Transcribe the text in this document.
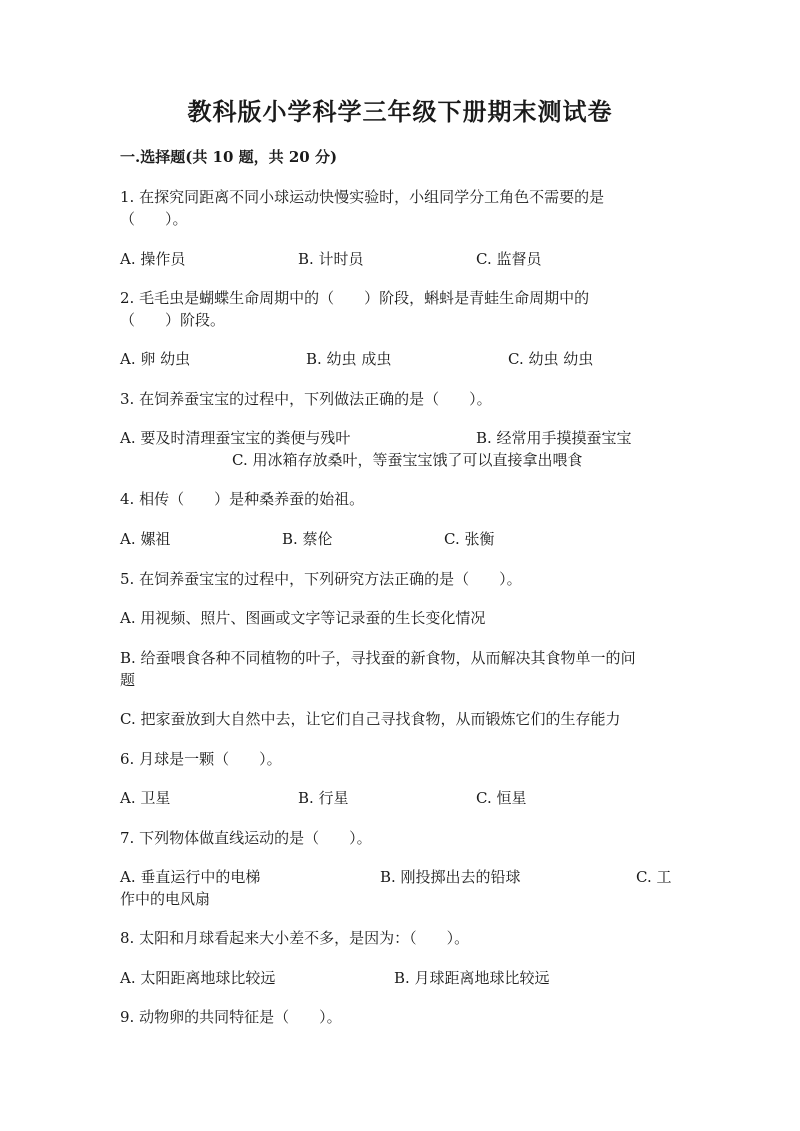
教科版小学科学三年级下册期末测试卷

一.选择题(共 10 题，共 20 分)

1. 在探究同距离不同小球运动快慢实验时，小组同学分工角色不需要的是

（　　）。

A. 操作员	B. 计时员	C. 监督员

2. 毛毛虫是蝴蝶生命周期中的（　　）阶段，蝌蚪是青蛙生命周期中的

（　　）阶段。

A. 卵 幼虫	B. 幼虫 成虫	C. 幼虫 幼虫

3. 在饲养蚕宝宝的过程中，下列做法正确的是（　　）。

A. 要及时清理蚕宝宝的粪便与残叶	B. 经常用手摸摸蚕宝宝

C. 用冰箱存放桑叶，等蚕宝宝饿了可以直接拿出喂食

4. 相传（　　）是种桑养蚕的始祖。

A. 嫘祖	B. 蔡伦	C. 张衡

5. 在饲养蚕宝宝的过程中，下列研究方法正确的是（　　）。

A. 用视频、照片、图画或文字等记录蚕的生长变化情况

B. 给蚕喂食各种不同植物的叶子，寻找蚕的新食物，从而解决其食物单一的问

题

C. 把家蚕放到大自然中去，让它们自己寻找食物，从而锻炼它们的生存能力

6. 月球是一颗（　　）。

A. 卫星	B. 行星	C. 恒星

7. 下列物体做直线运动的是（　　）。

A. 垂直运行中的电梯	B. 刚投掷出去的铅球	C. 工

作中的电风扇

8. 太阳和月球看起来大小差不多，是因为：（　　）。

A. 太阳距离地球比较远	B. 月球距离地球比较远

9. 动物卵的共同特征是（　　）。
